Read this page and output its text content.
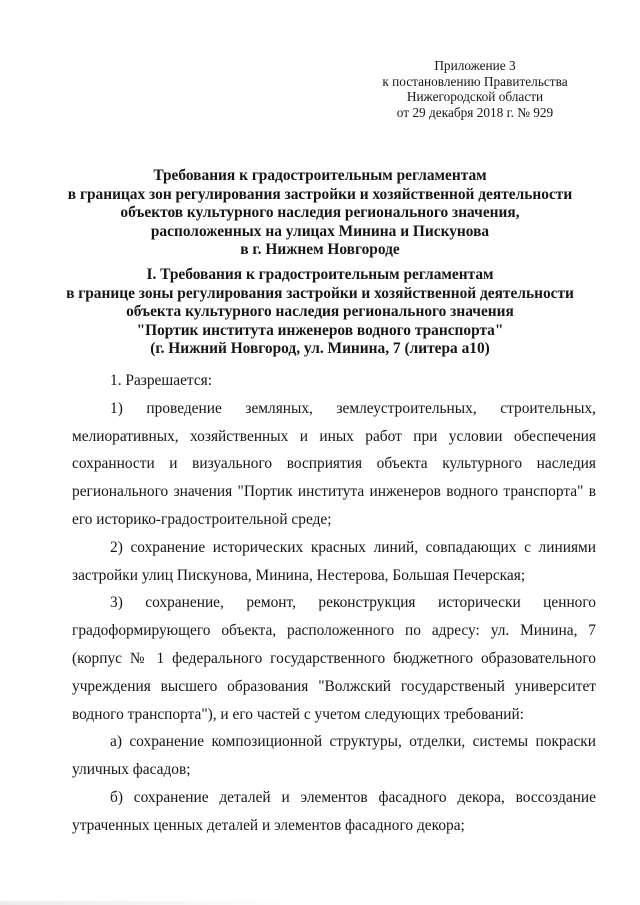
Приложение 3
к постановлению Правительства
Нижегородской области
от 29 декабря 2018 г. № 929
Требования к градостроительным регламентам
в границах зон регулирования застройки и хозяйственной деятельности
объектов культурного наследия регионального значения,
расположенных на улицах Минина и Пискунова
в г. Нижнем Новгороде
I. Требования к градостроительным регламентам
в границе зоны регулирования застройки и хозяйственной деятельности
объекта культурного наследия регионального значения
"Портик института инженеров водного транспорта"
(г. Нижний Новгород, ул. Минина, 7 (литера а10)

1. Разрешается:

1) проведение земляных, землеустроительных, строительных,
мелиоративных, хозяйственных и иных работ при условии обеспечения
сохранности и визуального восприятия объекта культурного наследия
регионального значения "Портик института инженеров водного транспорта" в
его историко-градостроительной среде;

2) сохранение исторических красных линий, совпадающих с линиями
застройки улиц Пискунова, Минина, Нестерова, Большая Печерская;

3) сохранение, ремонт, реконструкция исторически ценного
градоформирующего объекта, расположенного по адресу: ул. Минина, 7
(корпус № 1 федерального государственного бюджетного образовательного
учреждения высшего образования "Волжский государственый университет
водного транспорта"), и его частей с учетом следующих требований:

а) сохранение композиционной структуры, отделки, системы покраски
уличных фасадов;

б) сохранение деталей и элементов фасадного декора, воссоздание
утраченных ценных деталей и элементов фасадного декора;
